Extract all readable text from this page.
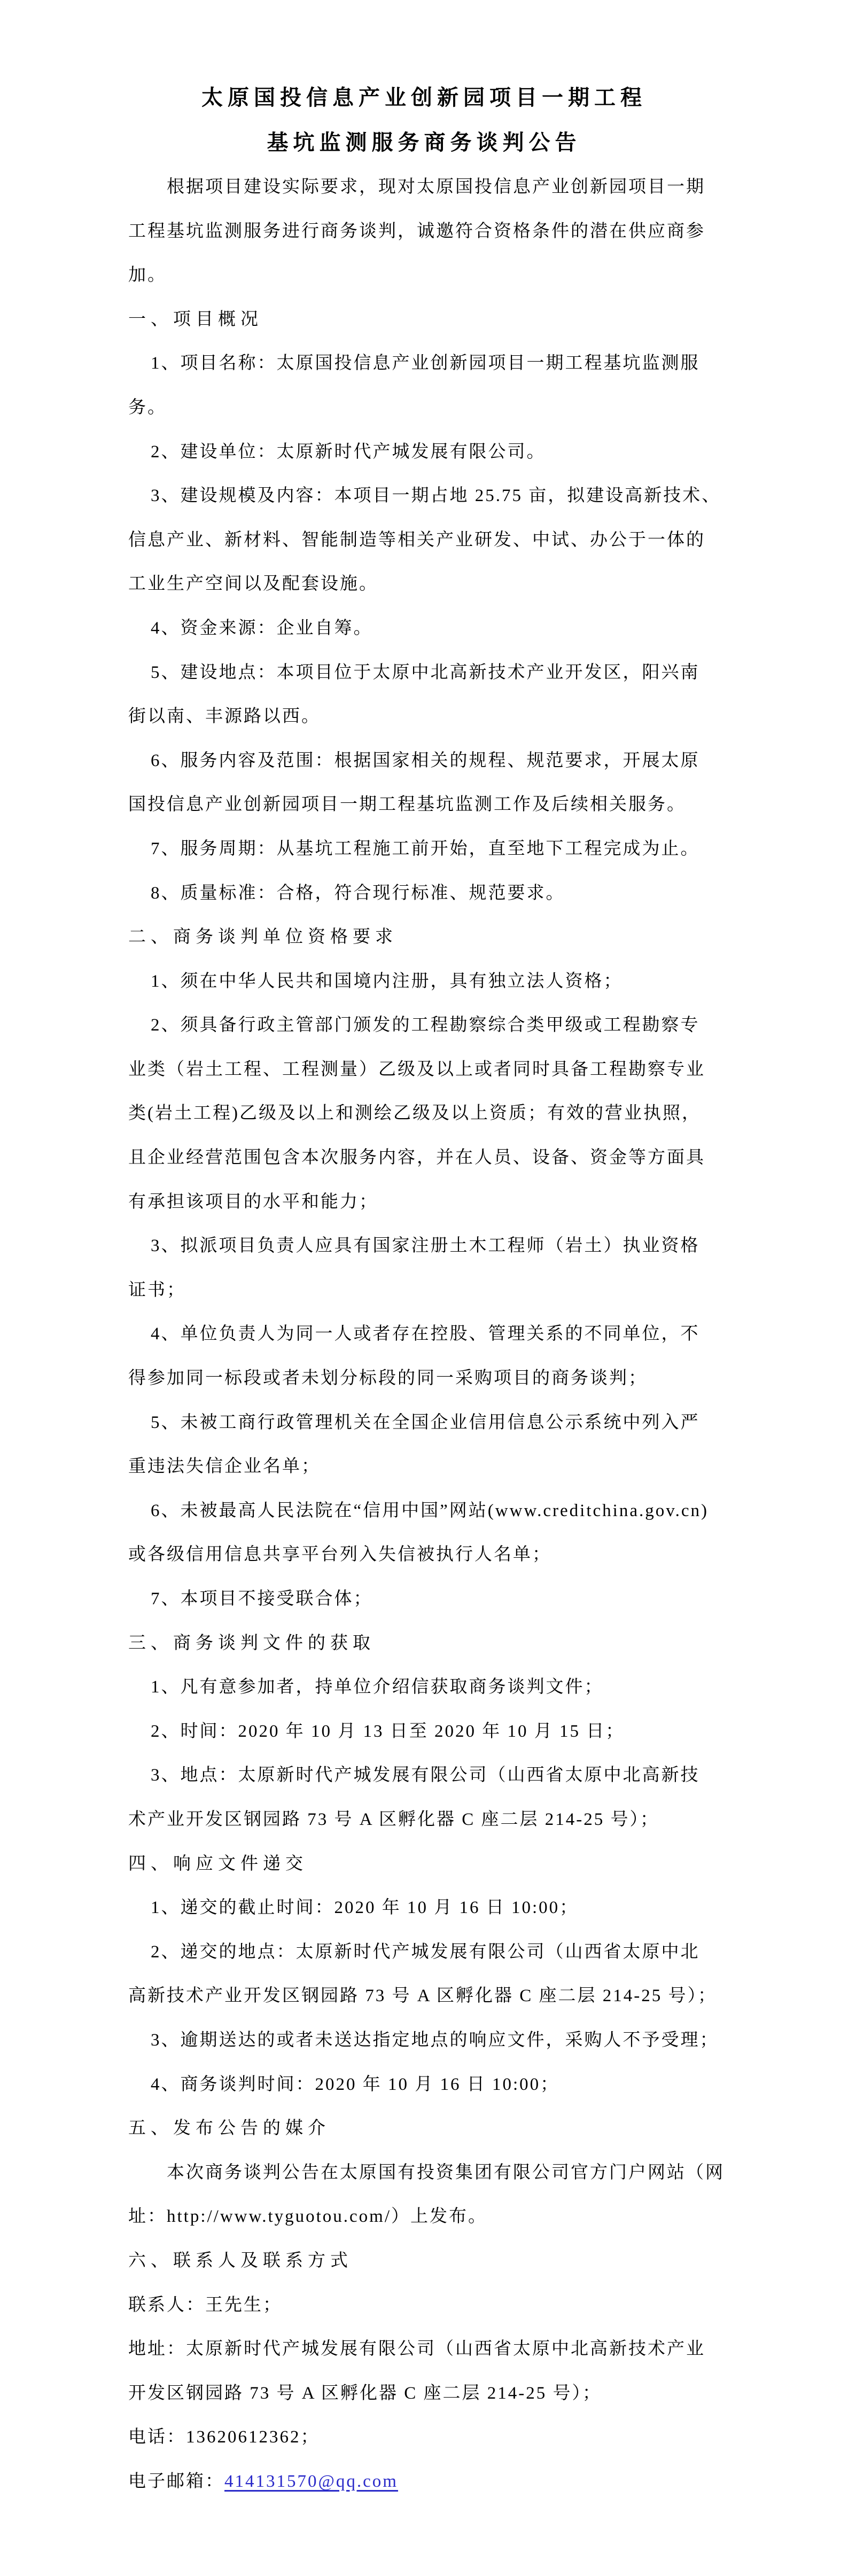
太原国投信息产业创新园项目一期工程
基坑监测服务商务谈判公告
根据项目建设实际要求，现对太原国投信息产业创新园项目一期
工程基坑监测服务进行商务谈判，诚邀符合资格条件的潜在供应商参
加。
一、项目概况
1、项目名称：太原国投信息产业创新园项目一期工程基坑监测服
务。
2、建设单位：太原新时代产城发展有限公司。
3、建设规模及内容：本项目一期占地 25.75 亩，拟建设高新技术、
信息产业、新材料、智能制造等相关产业研发、中试、办公于一体的
工业生产空间以及配套设施。
4、资金来源：企业自筹。
5、建设地点：本项目位于太原中北高新技术产业开发区，阳兴南
街以南、丰源路以西。
6、服务内容及范围：根据国家相关的规程、规范要求，开展太原
国投信息产业创新园项目一期工程基坑监测工作及后续相关服务。
7、服务周期：从基坑工程施工前开始，直至地下工程完成为止。
8、质量标准：合格，符合现行标准、规范要求。
二、商务谈判单位资格要求
1、须在中华人民共和国境内注册，具有独立法人资格；
2、须具备行政主管部门颁发的工程勘察综合类甲级或工程勘察专
业类（岩土工程、工程测量）乙级及以上或者同时具备工程勘察专业
类(岩土工程)乙级及以上和测绘乙级及以上资质；有效的营业执照，
且企业经营范围包含本次服务内容，并在人员、设备、资金等方面具
有承担该项目的水平和能力；
3、拟派项目负责人应具有国家注册土木工程师（岩土）执业资格
证书；
4、单位负责人为同一人或者存在控股、管理关系的不同单位，不
得参加同一标段或者未划分标段的同一采购项目的商务谈判；
5、未被工商行政管理机关在全国企业信用信息公示系统中列入严
重违法失信企业名单；
6、未被最高人民法院在“信用中国”网站(www.creditchina.gov.cn)
或各级信用信息共享平台列入失信被执行人名单；
7、本项目不接受联合体；
三、商务谈判文件的获取
1、凡有意参加者，持单位介绍信获取商务谈判文件；
2、时间：2020 年 10 月 13 日至 2020 年 10 月 15 日；
3、地点：太原新时代产城发展有限公司（山西省太原中北高新技
术产业开发区钢园路 73 号 A 区孵化器 C 座二层 214-25 号）；
四、响应文件递交
1、递交的截止时间：2020 年 10 月 16 日 10:00；
2、递交的地点：太原新时代产城发展有限公司（山西省太原中北
高新技术产业开发区钢园路 73 号 A 区孵化器 C 座二层 214-25 号）；
3、逾期送达的或者未送达指定地点的响应文件，采购人不予受理；
4、商务谈判时间：2020 年 10 月 16 日 10:00；
五、发布公告的媒介
本次商务谈判公告在太原国有投资集团有限公司官方门户网站（网
址：http://www.tyguotou.com/）上发布。
六、联系人及联系方式
联系人：王先生；
地址：太原新时代产城发展有限公司（山西省太原中北高新技术产业
开发区钢园路 73 号 A 区孵化器 C 座二层 214-25 号）；
电话：13620612362；
电子邮箱：414131570@qq.com
